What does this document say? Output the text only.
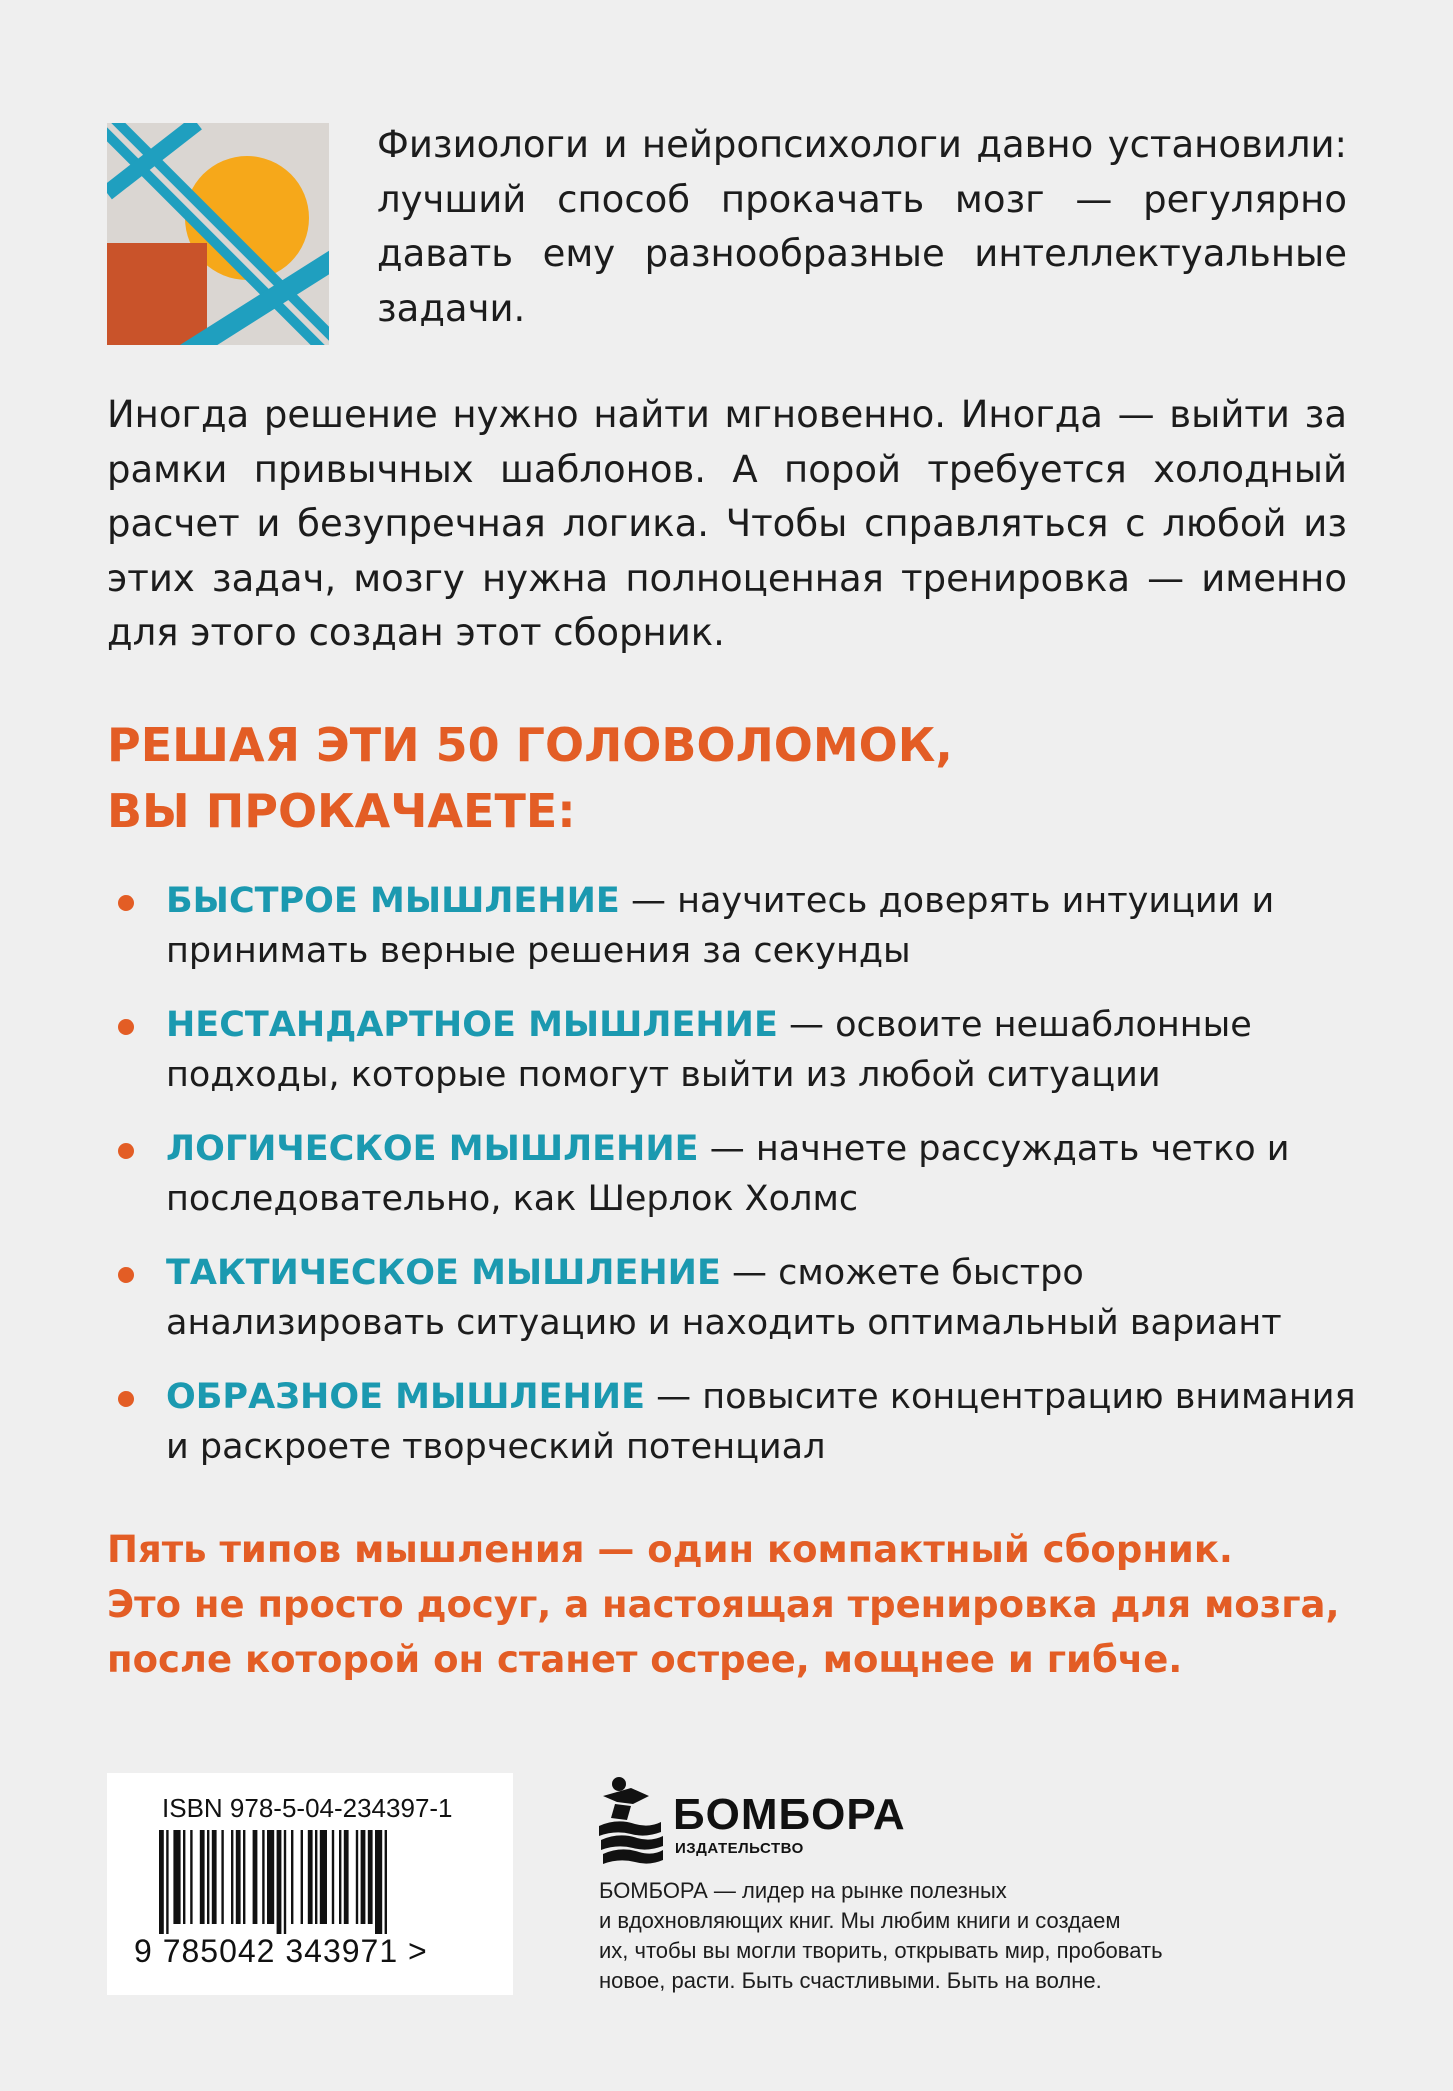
Физиологи и нейропсихологи давно установили: лучший способ прокачать мозг — регулярно давать ему разнообразные интеллектуальные задачи.

Иногда решение нужно найти мгновенно. Иногда — выйти за рамки привычных шаблонов. А порой требуется холодный расчет и безупречная логика. Чтобы справляться с любой из этих задач, мозгу нужна полноценная тренировка — именно для этого создан этот сборник.

РЕШАЯ ЭТИ 50 ГОЛОВОЛОМОК,
ВЫ ПРОКАЧАЕТЕ:
БЫСТРОЕ МЫШЛЕНИЕ — научитесь доверять интуиции и принимать верные решения за секунды
НЕСТАНДАРТНОЕ МЫШЛЕНИЕ — освоите нешаблонные подходы, которые помогут выйти из любой ситуации
ЛОГИЧЕСКОЕ МЫШЛЕНИЕ — начнете рассуждать четко и последовательно, как Шерлок Холмс
ТАКТИЧЕСКОЕ МЫШЛЕНИЕ — сможете быстро анализировать ситуацию и находить оптимальный вариант
ОБРАЗНОЕ МЫШЛЕНИЕ — повысите концентрацию внимания и раскроете творческий потенциал

Пять типов мышления — один компактный сборник.
Это не просто досуг, а настоящая тренировка для мозга,
после которой он станет острее, мощнее и гибче.

ISBN 978-5-04-234397-1
9 785042 343971 >
БОМБОРА
ИЗДАТЕЛЬСТВО

БОМБОРА — лидер на рынке полезных
и вдохновляющих книг. Мы любим книги и создаем
их, чтобы вы могли творить, открывать мир, пробовать
новое, расти. Быть счастливыми. Быть на волне.
